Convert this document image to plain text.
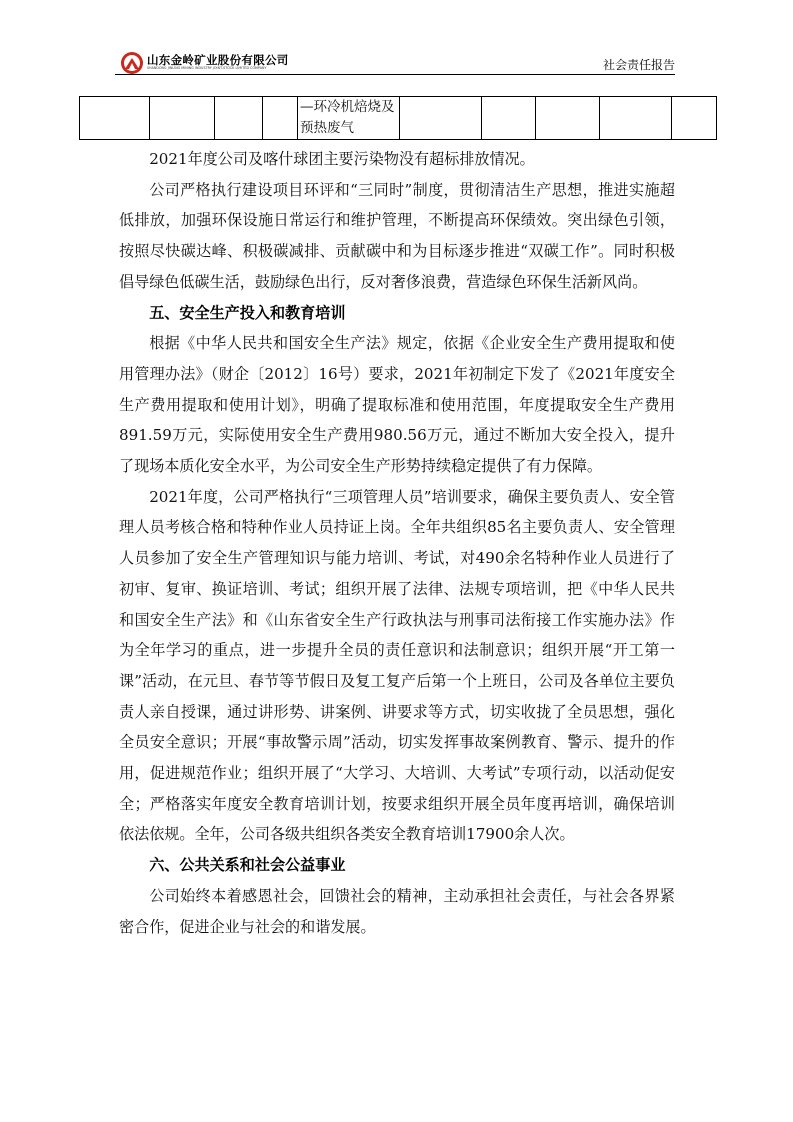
山东金岭矿业股份有限公司
SHANDONG JINLING MINING INDUSTRY JOINT-STOCK LIMITED COMPANY	社会责任报告
				—环冷机焙烧及预热废气					

2021年度公司及喀什球团主要污染物没有超标排放情况。

公司严格执行建设项目环评和“三同时”制度，贯彻清洁生产思想，推进实施超低排放，加强环保设施日常运行和维护管理，不断提高环保绩效。突出绿色引领，按照尽快碳达峰、积极碳减排、贡献碳中和为目标逐步推进“双碳工作”。同时积极倡导绿色低碳生活，鼓励绿色出行，反对奢侈浪费，营造绿色环保生活新风尚。

五、安全生产投入和教育培训

根据《中华人民共和国安全生产法》规定，依据《企业安全生产费用提取和使用管理办法》（财企〔2012〕16号）要求，2021年初制定下发了《2021年度安全生产费用提取和使用计划》，明确了提取标准和使用范围，年度提取安全生产费用891.59万元，实际使用安全生产费用980.56万元，通过不断加大安全投入，提升了现场本质化安全水平，为公司安全生产形势持续稳定提供了有力保障。

2021年度，公司严格执行“三项管理人员”培训要求，确保主要负责人、安全管理人员考核合格和特种作业人员持证上岗。全年共组织85名主要负责人、安全管理人员参加了安全生产管理知识与能力培训、考试，对490余名特种作业人员进行了初审、复审、换证培训、考试；组织开展了法律、法规专项培训，把《中华人民共和国安全生产法》和《山东省安全生产行政执法与刑事司法衔接工作实施办法》作为全年学习的重点，进一步提升全员的责任意识和法制意识；组织开展“开工第一课”活动，在元旦、春节等节假日及复工复产后第一个上班日，公司及各单位主要负责人亲自授课，通过讲形势、讲案例、讲要求等方式，切实收拢了全员思想，强化全员安全意识；开展“事故警示周”活动，切实发挥事故案例教育、警示、提升的作用，促进规范作业；组织开展了“大学习、大培训、大考试”专项行动，以活动促安全；严格落实年度安全教育培训计划，按要求组织开展全员年度再培训，确保培训依法依规。全年，公司各级共组织各类安全教育培训17900余人次。

六、公共关系和社会公益事业

公司始终本着感恩社会，回馈社会的精神，主动承担社会责任，与社会各界紧密合作，促进企业与社会的和谐发展。
